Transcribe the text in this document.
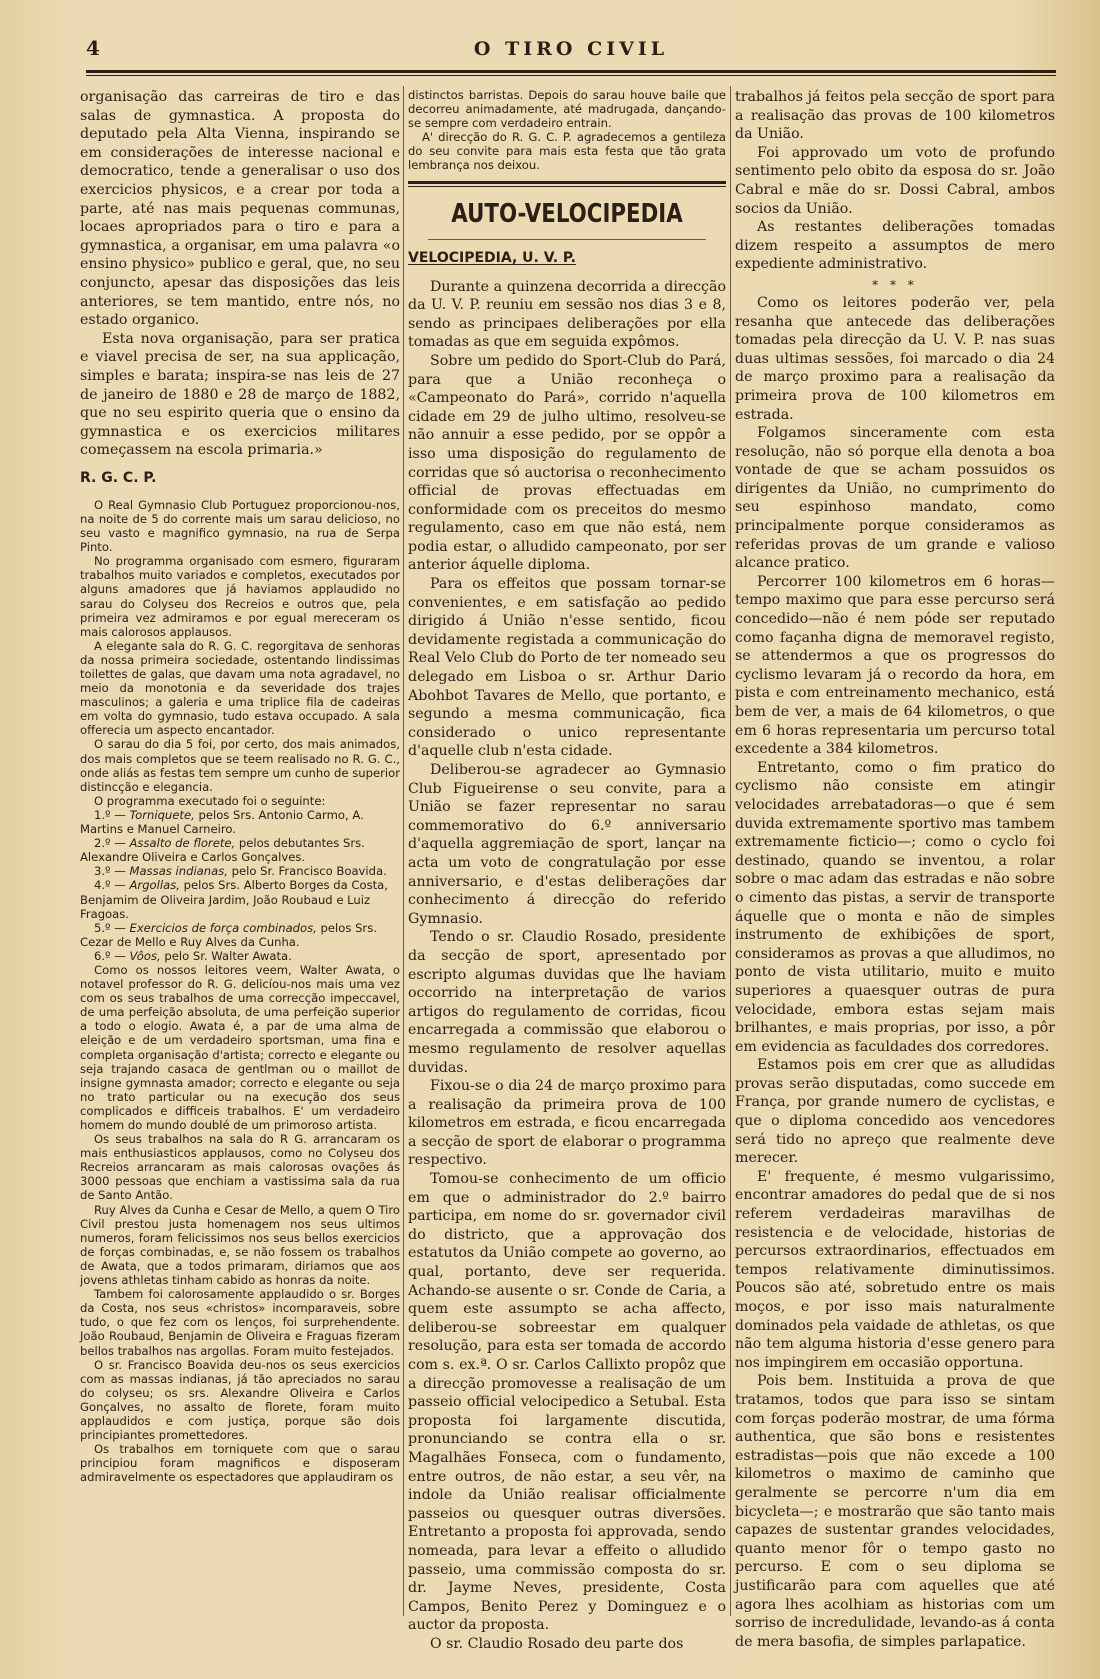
4	O TIRO CIVIL

organisação das carreiras de tiro e das salas de gymnastica. A proposta do deputado pela Alta Vienna, inspirando se em considerações de interesse nacional e democratico, tende a generalisar o uso dos exercicios physicos, e a crear por toda a parte, até nas mais pequenas communas, locaes apropriados para o tiro e para a gymnastica, a organisar, em uma palavra «o ensino physico» publico e geral, que, no seu conjuncto, apesar das disposições das leis anteriores, se tem mantido, entre nós, no estado organico.

Esta nova organisação, para ser pratica e viavel precisa de ser, na sua applicação, simples e barata; inspira-se nas leis de 27 de janeiro de 1880 e 28 de março de 1882, que no seu espirito queria que o ensino da gymnastica e os exercicios militares começassem na escola primaria.»

R. G. C. P.

O Real Gymnasio Club Portuguez proporcionou-nos, na noite de 5 do corrente mais um sarau delicioso, no seu vasto e magnifico gymnasio, na rua de Serpa Pinto.

No programma organisado com esmero, figuraram trabalhos muito variados e completos, executados por alguns amadores que já haviamos applaudido no sarau do Colyseu dos Recreios e outros que, pela primeira vez admiramos e por egual mereceram os mais calorosos applausos.

A elegante sala do R. G. C. regorgitava de senhoras da nossa primeira sociedade, ostentando lindissimas toilettes de galas, que davam uma nota agradavel, no meio da monotonia e da severidade dos trajes masculinos; a galeria e uma triplice fila de cadeiras em volta do gymnasio, tudo estava occupado. A sala offerecia um aspecto encantador.

O sarau do dia 5 foi, por certo, dos mais animados, dos mais completos que se teem realisado no R. G. C., onde aliás as festas tem sempre um cunho de superior distincção e elegancia.

O programma executado foi o seguinte:

1.º — Torniquete, pelos Srs. Antonio Carmo, A. Martins e Manuel Carneiro.

2.º — Assalto de florete, pelos debutantes Srs. Alexandre Oliveira e Carlos Gonçalves.

3.º — Massas indianas, pelo Sr. Francisco Boavida.

4.º — Argollas, pelos Srs. Alberto Borges da Costa, Benjamim de Oliveira Jardim, João Roubaud e Luiz Fragoas.

5.º — Exercicios de força combinados, pelos Srs. Cezar de Mello e Ruy Alves da Cunha.

6.º — Vôos, pelo Sr. Walter Awata.

Como os nossos leitores veem, Walter Awata, o notavel professor do R. G. delicíou-nos mais uma vez com os seus trabalhos de uma correcção impeccavel, de uma perfeição absoluta, de uma perfeição superior a todo o elogio. Awata é, a par de uma alma de eleição e de um verdadeiro sportsman, uma fina e completa organisação d'artista; correcto e elegante ou seja trajando casaca de gentlman ou o maillot de insigne gymnasta amador; correcto e elegante ou seja no trato particular ou na execução dos seus complicados e difficeis trabalhos. E' um verdadeiro homem do mundo doublé de um primoroso artista.

Os seus trabalhos na sala do R G. arrancaram os mais enthusiasticos applausos, como no Colyseu dos Recreios arrancaram as mais calorosas ovações ás 3000 pessoas que enchiam a vastissima sala da rua de Santo Antão.

Ruy Alves da Cunha e Cesar de Mello, a quem O Tiro Civil prestou justa homenagem nos seus ultimos numeros, foram felicissimos nos seus bellos exercicios de forças combinadas, e, se não fossem os trabalhos de Awata, que a todos primaram, diriamos que aos jovens athletas tinham cabido as honras da noite.

Tambem foi calorosamente applaudido o sr. Borges da Costa, nos seus «christos» incomparaveis, sobre tudo, o que fez com os lenços, foi surprehendente. João Roubaud, Benjamin de Oliveira e Fraguas fizeram bellos trabalhos nas argollas. Foram muito festejados.

O sr. Francisco Boavida deu-nos os seus exercicios com as massas indianas, já tão apreciados no sarau do colyseu; os srs. Alexandre Oliveira e Carlos Gonçalves, no assalto de florete, foram muito applaudidos e com justiça, porque são dois principiantes promettedores.

Os trabalhos em torniquete com que o sarau principiou foram magnificos e disposeram admiravelmente os espectadores que applaudiram os

distinctos barristas. Depois do sarau houve baile que decorreu animadamente, até madrugada, dançando-se sempre com verdadeiro entrain.

A' direcção do R. G. C. P. agradecemos a gentileza do seu convite para mais esta festa que tão grata lembrança nos deixou.

AUTO-VELOCIPEDIA
VELOCIPEDIA, U. V. P.

Durante a quinzena decorrida a direcção da U. V. P. reuniu em sessão nos dias 3 e 8, sendo as principaes deliberações por ella tomadas as que em seguida expômos.

Sobre um pedido do Sport-Club do Pará, para que a União reconheça o «Campeonato do Pará», corrido n'aquella cidade em 29 de julho ultimo, resolveu-se não annuir a esse pedido, por se oppôr a isso uma disposição do regulamento de corridas que só auctorisa o reconhecimento official de provas effectuadas em conformidade com os preceitos do mesmo regulamento, caso em que não está, nem podia estar, o alludido campeonato, por ser anterior áquelle diploma.

Para os effeitos que possam tornar-se convenientes, e em satisfação ao pedido dirigido á União n'esse sentido, ficou devidamente registada a communicação do Real Velo Club do Porto de ter nomeado seu delegado em Lisboa o sr. Arthur Dario Abohbot Tavares de Mello, que portanto, e segundo a mesma communicação, fica considerado o unico representante d'aquelle club n'esta cidade.

Deliberou-se agradecer ao Gymnasio Club Figueirense o seu convite, para a União se fazer representar no sarau commemorativo do 6.º anniversario d'aquella aggremiação de sport, lançar na acta um voto de congratulação por esse anniversario, e d'estas deliberações dar conhecimento á direcção do referido Gymnasio.

Tendo o sr. Claudio Rosado, presidente da secção de sport, apresentado por escripto algumas duvidas que lhe haviam occorrido na interpretação de varios artigos do regulamento de corridas, ficou encarregada a commissão que elaborou o mesmo regulamento de resolver aquellas duvidas.

Fixou-se o dia 24 de março proximo para a realisação da primeira prova de 100 kilometros em estrada, e ficou encarregada a secção de sport de elaborar o programma respectivo.

Tomou-se conhecimento de um officio em que o administrador do 2.º bairro participa, em nome do sr. governador civil do districto, que a approvação dos estatutos da União compete ao governo, ao qual, portanto, deve ser requerida. Achando-se ausente o sr. Conde de Caria, a quem este assumpto se acha affecto, deliberou-se sobreestar em qualquer resolução, para esta ser tomada de accordo com s. ex.ª. O sr. Carlos Callixto propôz que a direcção promovesse a realisação de um passeio official velocipedico a Setubal. Esta proposta foi largamente discutida, pronunciando se contra ella o sr. Magalhães Fonseca, com o fundamento, entre outros, de não estar, a seu vêr, na indole da União realisar officialmente passeios ou quesquer outras diversões. Entretanto a proposta foi approvada, sendo nomeada, para levar a effeito o alludido passeio, uma commissão composta do sr. dr. Jayme Neves, presidente, Costa Campos, Benito Perez y Dominguez e o auctor da proposta.

O sr. Claudio Rosado deu parte dos

trabalhos já feitos pela secção de sport para a realisação das provas de 100 kilometros da União.

Foi approvado um voto de profundo sentimento pelo obito da esposa do sr. João Cabral e mãe do sr. Dossi Cabral, ambos socios da União.

As restantes deliberações tomadas dizem respeito a assumptos de mero expediente administrativo.

* * *

Como os leitores poderão ver, pela resanha que antecede das deliberações tomadas pela direcção da U. V. P. nas suas duas ultimas sessões, foi marcado o dia 24 de março proximo para a realisação da primeira prova de 100 kilometros em estrada.

Folgamos sinceramente com esta resolução, não só porque ella denota a boa vontade de que se acham possuidos os dirigentes da União, no cumprimento do seu espinhoso mandato, como principalmente porque consideramos as referidas provas de um grande e valioso alcance pratico.

Percorrer 100 kilometros em 6 horas—tempo maximo que para esse percurso será concedido—não é nem póde ser reputado como façanha digna de memoravel registo, se attendermos a que os progressos do cyclismo levaram já o recordo da hora, em pista e com entreinamento mechanico, está bem de ver, a mais de 64 kilometros, o que em 6 horas representaria um percurso total excedente a 384 kilometros.

Entretanto, como o fim pratico do cyclismo não consiste em atingir velocidades arrebatadoras—o que é sem duvida extremamente sportivo mas tambem extremamente ficticio—; como o cyclo foi destinado, quando se inventou, a rolar sobre o mac adam das estradas e não sobre o cimento das pistas, a servir de transporte áquelle que o monta e não de simples instrumento de exhibições de sport, consideramos as provas a que alludimos, no ponto de vista utilitario, muito e muito superiores a quaesquer outras de pura velocidade, embora estas sejam mais brilhantes, e mais proprias, por isso, a pôr em evidencia as faculdades dos corredores.

Estamos pois em crer que as alludidas provas serão disputadas, como succede em França, por grande numero de cyclistas, e que o diploma concedido aos vencedores será tido no apreço que realmente deve merecer.

E' frequente, é mesmo vulgarissimo, encontrar amadores do pedal que de si nos referem verdadeiras maravilhas de resistencia e de velocidade, historias de percursos extraordinarios, effectuados em tempos relativamente diminutissimos. Poucos são até, sobretudo entre os mais moços, e por isso mais naturalmente dominados pela vaidade de athletas, os que não tem alguma historia d'esse genero para nos impingirem em occasião opportuna.

Pois bem. Instituida a prova de que tratamos, todos que para isso se sintam com forças poderão mostrar, de uma fórma authentica, que são bons e resistentes estradistas—pois que não excede a 100 kilometros o maximo de caminho que geralmente se percorre n'um dia em bicycleta—; e mostrarão que são tanto mais capazes de sustentar grandes velocidades, quanto menor fôr o tempo gasto no percurso. E com o seu diploma se justificarão para com aquelles que até agora lhes acolhiam as historias com um sorriso de incredulidade, levando-as á conta de mera basofia, de simples parlapatice.
